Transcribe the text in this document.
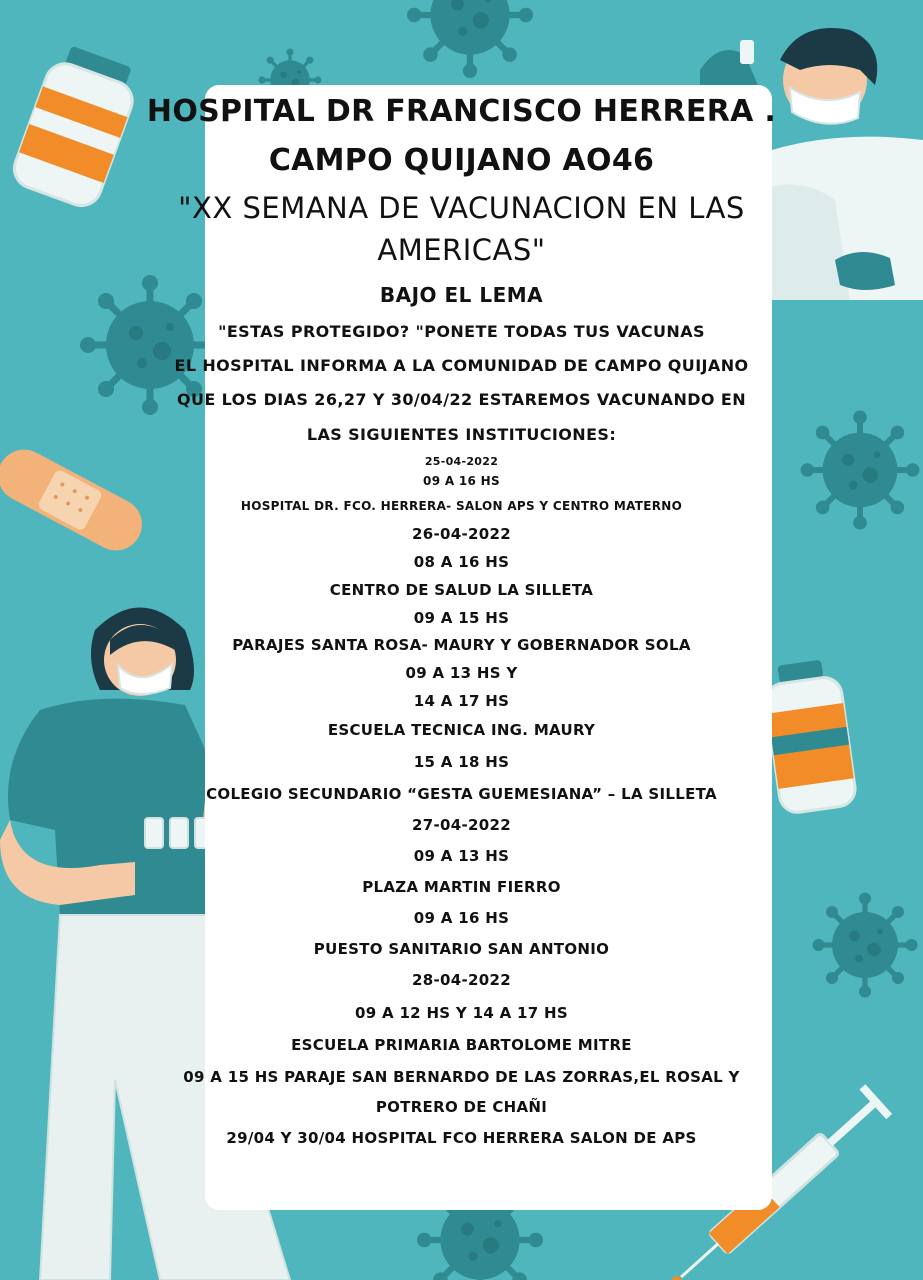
HOSPITAL DR FRANCISCO HERRERA .
CAMPO QUIJANO AO46
"XX SEMANA DE VACUNACION EN LAS
AMERICAS"
BAJO EL LEMA
"ESTAS PROTEGIDO? "PONETE TODAS TUS VACUNAS
EL HOSPITAL INFORMA A LA COMUNIDAD DE CAMPO QUIJANO
QUE LOS DIAS 26,27 Y 30/04/22 ESTAREMOS VACUNANDO EN
LAS SIGUIENTES INSTITUCIONES:
25-04-2022
09 A 16 HS
HOSPITAL DR. FCO. HERRERA- SALON APS Y CENTRO MATERNO
26-04-2022
08 A 16 HS
CENTRO DE SALUD LA SILLETA
09 A 15 HS
PARAJES SANTA ROSA- MAURY Y GOBERNADOR SOLA
09 A 13 HS Y
14 A 17 HS
ESCUELA TECNICA ING. MAURY
15 A 18 HS
COLEGIO SECUNDARIO “GESTA GUEMESIANA” – LA SILLETA
27-04-2022
09 A 13 HS
PLAZA MARTIN FIERRO
09 A 16 HS
PUESTO SANITARIO SAN ANTONIO
28-04-2022
09 A 12 HS Y 14 A 17 HS
ESCUELA PRIMARIA BARTOLOME MITRE
09 A 15 HS PARAJE SAN BERNARDO DE LAS ZORRAS,EL ROSAL Y
POTRERO DE CHAÑI
29/04 Y 30/04 HOSPITAL FCO HERRERA SALON DE APS
